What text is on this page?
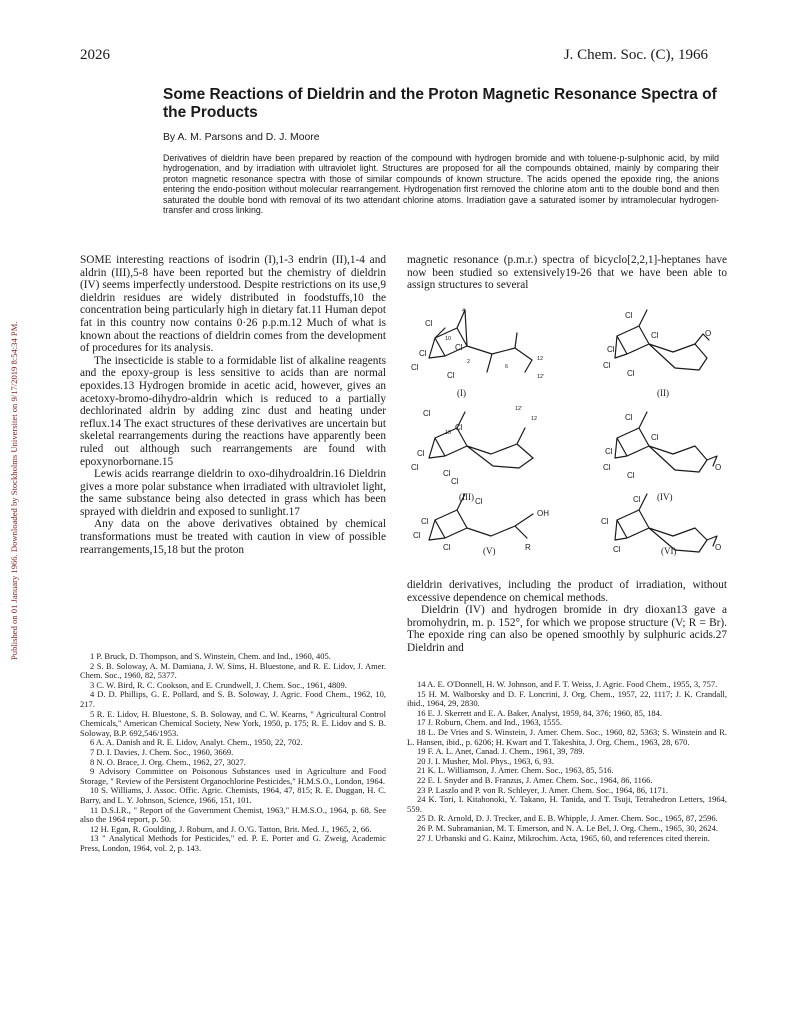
Published on 01 January 1966. Downloaded by Stockholms Universitet on 9/17/2019 8:54:34 PM.
2026	J. Chem. Soc. (C), 1966
Some Reactions of Dieldrin and the Proton Magnetic Resonance Spectra of the Products
By A. M. Parsons and D. J. Moore
Derivatives of dieldrin have been prepared by reaction of the compound with hydrogen bromide and with toluene-p-sulphonic acid, by mild hydrogenation, and by irradiation with ultraviolet light. Structures are proposed for all the compounds obtained, mainly by comparing their proton magnetic resonance spectra with those of similar compounds of known structure. The acids opened the epoxide ring, the anions entering the endo-position without molecular rearrangement. Hydrogenation first removed the chlorine atom anti to the double bond and then saturated the double bond with removal of its two attendant chlorine atoms. Irradiation gave a saturated isomer by intramolecular hydrogen-transfer and cross linking.

SOME interesting reactions of isodrin (I),1-3 endrin (II),1-4 and aldrin (III),5-8 have been reported but the chemistry of dieldrin (IV) seems imperfectly understood. Despite restrictions on its use,9 dieldrin residues are widely distributed in foodstuffs,10 the concentration being particularly high in dietary fat.11 Human depot fat in this country now contains 0·26 p.p.m.12 Much of what is known about the reactions of dieldrin comes from the development of procedures for its analysis.

The insecticide is stable to a formidable list of alkaline reagents and the epoxy-group is less sensitive to acids than are normal epoxides.13 Hydrogen bromide in acetic acid, however, gives an acetoxy-bromo-dihydro-aldrin which is reduced to a partially dechlorinated aldrin by adding zinc dust and heating under reflux.14 The exact structures of these derivatives are uncertain but skeletal rearrangements during the reactions have apparently been ruled out although such rearrangements are found with epoxynorbornane.15

Lewis acids rearrange dieldrin to oxo-dihydroaldrin.16 Dieldrin gives a more polar substance when irradiated with ultraviolet light, the same substance being also detected in grass which has been sprayed with dieldrin and exposed to sunlight.17

Any data on the above derivatives obtained by chemical transformations must be treated with caution in view of possible rearrangements,15,18 but the proton

magnetic resonance (p.m.r.) spectra of bicyclo[2,2,1]-heptanes have now been studied so extensively19-26 that we have been able to assign structures to several

Cl
10
Cl
4
Cl
Cl
Cl
2
6
12
12'
(I)
Cl
Cl	O
Cl
Cl
Cl
(II)
Cl
10
Cl
12'
12
Cl
Cl
Cl
(III)
Cl
Cl
O
Cl
Cl
Cl
(IV)
Cl
Cl
OH
Cl
Cl
Cl	R
(V)
Cl
Cl
Cl	O
(VI)

dieldrin derivatives, including the product of irradiation, without excessive dependence on chemical methods.

Dieldrin (IV) and hydrogen bromide in dry dioxan13 gave a bromohydrin, m. p. 152°, for which we propose structure (V; R = Br). The epoxide ring can also be opened smoothly by sulphuric acids.27 Dieldrin and

1 P. Bruck, D. Thompson, and S. Winstein, Chem. and Ind., 1960, 405.
2 S. B. Soloway, A. M. Damiana, J. W. Sims, H. Bluestone, and R. E. Lidov, J. Amer. Chem. Soc., 1960, 82, 5377.
3 C. W. Bird, R. C. Cookson, and E. Crundwell, J. Chem. Soc., 1961, 4809.
4 D. D. Phillips, G. E. Pollard, and S. B. Soloway, J. Agric. Food Chem., 1962, 10, 217.
5 R. E. Lidov, H. Bluestone, S. B. Soloway, and C. W. Kearns, " Agricultural Control Chemicals," American Chemical Society, New York, 1950, p. 175; R. E. Lidov and S. B. Soloway, B.P. 692,546/1953.
6 A. A. Danish and R. E. Lidov, Analyt. Chem., 1950, 22, 702.
7 D. I. Davies, J. Chem. Soc., 1960, 3669.
8 N. O. Brace, J. Org. Chem., 1962, 27, 3027.
9 Advisory Committee on Poisonous Substances used in Agriculture and Food Storage, " Review of the Persistent Organochlorine Pesticides," H.M.S.O., London, 1964.
10 S. Williams, J. Assoc. Offic. Agric. Chemists, 1964, 47, 815; R. E. Duggan, H. C. Barry, and L. Y. Johnson, Science, 1966, 151, 101.
11 D.S.I.R., " Report of the Government Chemist, 1963," H.M.S.O., 1964, p. 68. See also the 1964 report, p. 50.
12 H. Egan, R. Goulding, J. Roburn, and J. O.'G. Tatton, Brit. Med. J., 1965, 2, 66.
13 " Analytical Methods for Pesticides," ed. P. E. Porter and G. Zweig, Academic Press, London, 1964, vol. 2, p. 143.
14 A. E. O'Donnell, H. W. Johnson, and F. T. Weiss, J. Agric. Food Chem., 1955, 3, 757.
15 H. M. Walborsky and D. F. Loncrini, J. Org. Chem., 1957, 22, 1117; J. K. Crandall, ibid., 1964, 29, 2830.
16 E. J. Skerrett and E. A. Baker, Analyst, 1959, 84, 376; 1960, 85, 184.
17 J. Roburn, Chem. and Ind., 1963, 1555.
18 L. De Vries and S. Winstein, J. Amer. Chem. Soc., 1960, 82, 5363; S. Winstein and R. L. Hansen, ibid., p. 6206; H. Kwart and T. Takeshita, J. Org. Chem., 1963, 28, 670.
19 F. A. L. Anet, Canad. J. Chem., 1961, 39, 789.
20 J. I. Musher, Mol. Phys., 1963, 6, 93.
21 K. L. Williamson, J. Amer. Chem. Soc., 1963, 85, 516.
22 E. I. Snyder and B. Franzus, J. Amer. Chem. Soc., 1964, 86, 1166.
23 P. Laszlo and P. von R. Schleyer, J. Amer. Chem. Soc., 1964, 86, 1171.
24 K. Tori, I. Kitahonoki, Y. Takano, H. Tanida, and T. Tsuji, Tetrahedron Letters, 1964, 559.
25 D. R. Arnold, D. J. Trecker, and E. B. Whipple, J. Amer. Chem. Soc., 1965, 87, 2596.
26 P. M. Subramanian, M. T. Emerson, and N. A. Le Bel, J. Org. Chem., 1965, 30, 2624.
27 J. Urbanski and G. Kainz, Mikrochim. Acta, 1965, 60, and references cited therein.
